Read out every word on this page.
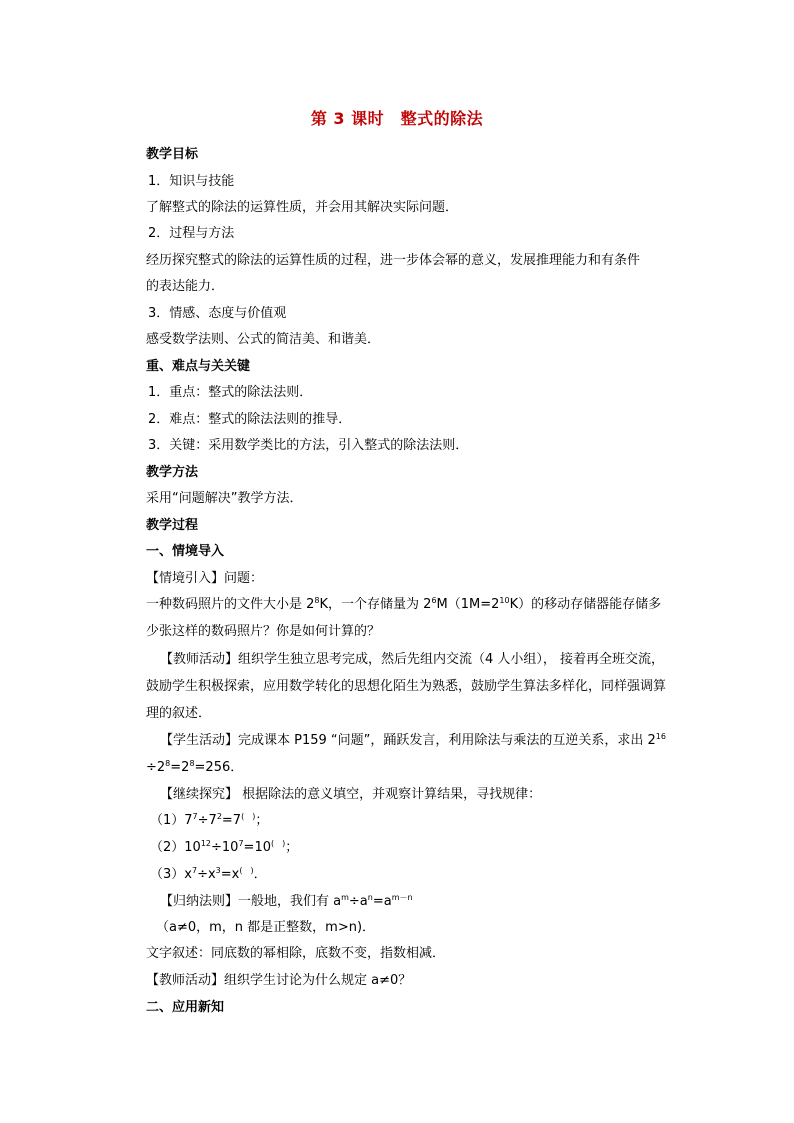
第 3 课时　整式的除法
教学目标
1．知识与技能
了解整式的除法的运算性质，并会用其解决实际问题．
2．过程与方法
经历探究整式的除法的运算性质的过程，进一步体会幂的意义，发展推理能力和有条件
的表达能力．
3．情感、态度与价值观
感受数学法则、公式的简洁美、和谐美．
重、难点与关关键
1．重点：整式的除法法则．
2．难点：整式的除法法则的推导．
3．关键：采用数学类比的方法，引入整式的除法法则．
教学方法
采用“问题解决”教学方法．
教学过程
一、情境导入
【情境引入】问题：
一种数码照片的文件大小是 $2^8K$，一个存储量为 $2^6M(1M=2^{10}K)$的移动存储器能存储多
少张这样的数码照片？你是如何计算的？
【教师活动】组织学生独立思考完成，然后先组内交流（4 人小组）， 接着再全班交流，
鼓励学生积极探索，应用数学转化的思想化陌生为熟悉，鼓励学生算法多样化，同样强调算
理的叙述．
【学生活动】完成课本 P159 “问题”，踊跃发言，利用除法与乘法的互逆关系，求出 $2^{16}$
$\div 2^8=2^8=256$．
【继续探究】 根据除法的意义填空，并观察计算结果，寻找规律：
$(1)7^7\div 7^2=7^{( )}$；
$(2)10^{12}\div 10^7=10^{( )}$；
$(3)x^7\div x^3=x^{( )}$．
【归纳法则】一般地，我们有 $a^m\div a^n=a^{m-n}$
（a≠0，m，n 都是正整数，m>n)．
文字叙述：同底数的幂相除，底数不变，指数相减．
【教师活动】组织学生讨论为什么规定 a≠0？
二、应用新知
